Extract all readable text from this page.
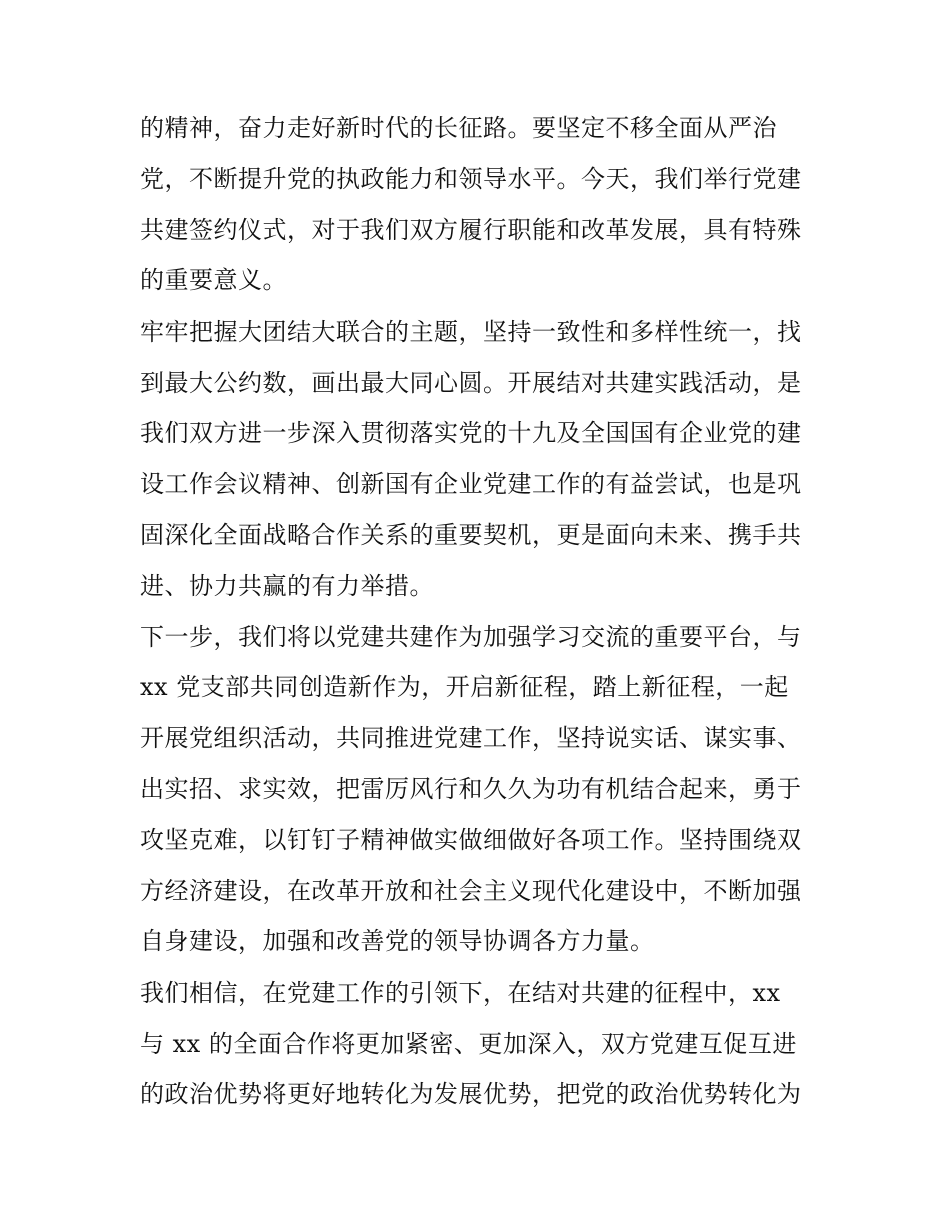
的精神，奋力走好新时代的长征路。要坚定不移全面从严治
党，不断提升党的执政能力和领导水平。今天，我们举行党建
共建签约仪式，对于我们双方履行职能和改革发展，具有特殊
的重要意义。
牢牢把握大团结大联合的主题，坚持一致性和多样性统一，找
到最大公约数，画出最大同心圆。开展结对共建实践活动，是
我们双方进一步深入贯彻落实党的十九及全国国有企业党的建
设工作会议精神、创新国有企业党建工作的有益尝试，也是巩
固深化全面战略合作关系的重要契机，更是面向未来、携手共
进、协力共赢的有力举措。
下一步，我们将以党建共建作为加强学习交流的重要平台，与
xx 党支部共同创造新作为，开启新征程，踏上新征程，一起
开展党组织活动，共同推进党建工作，坚持说实话、谋实事、
出实招、求实效，把雷厉风行和久久为功有机结合起来，勇于
攻坚克难，以钉钉子精神做实做细做好各项工作。坚持围绕双
方经济建设，在改革开放和社会主义现代化建设中，不断加强
自身建设，加强和改善党的领导协调各方力量。
我们相信，在党建工作的引领下，在结对共建的征程中，xx
与 xx 的全面合作将更加紧密、更加深入，双方党建互促互进
的政治优势将更好地转化为发展优势，把党的政治优势转化为
